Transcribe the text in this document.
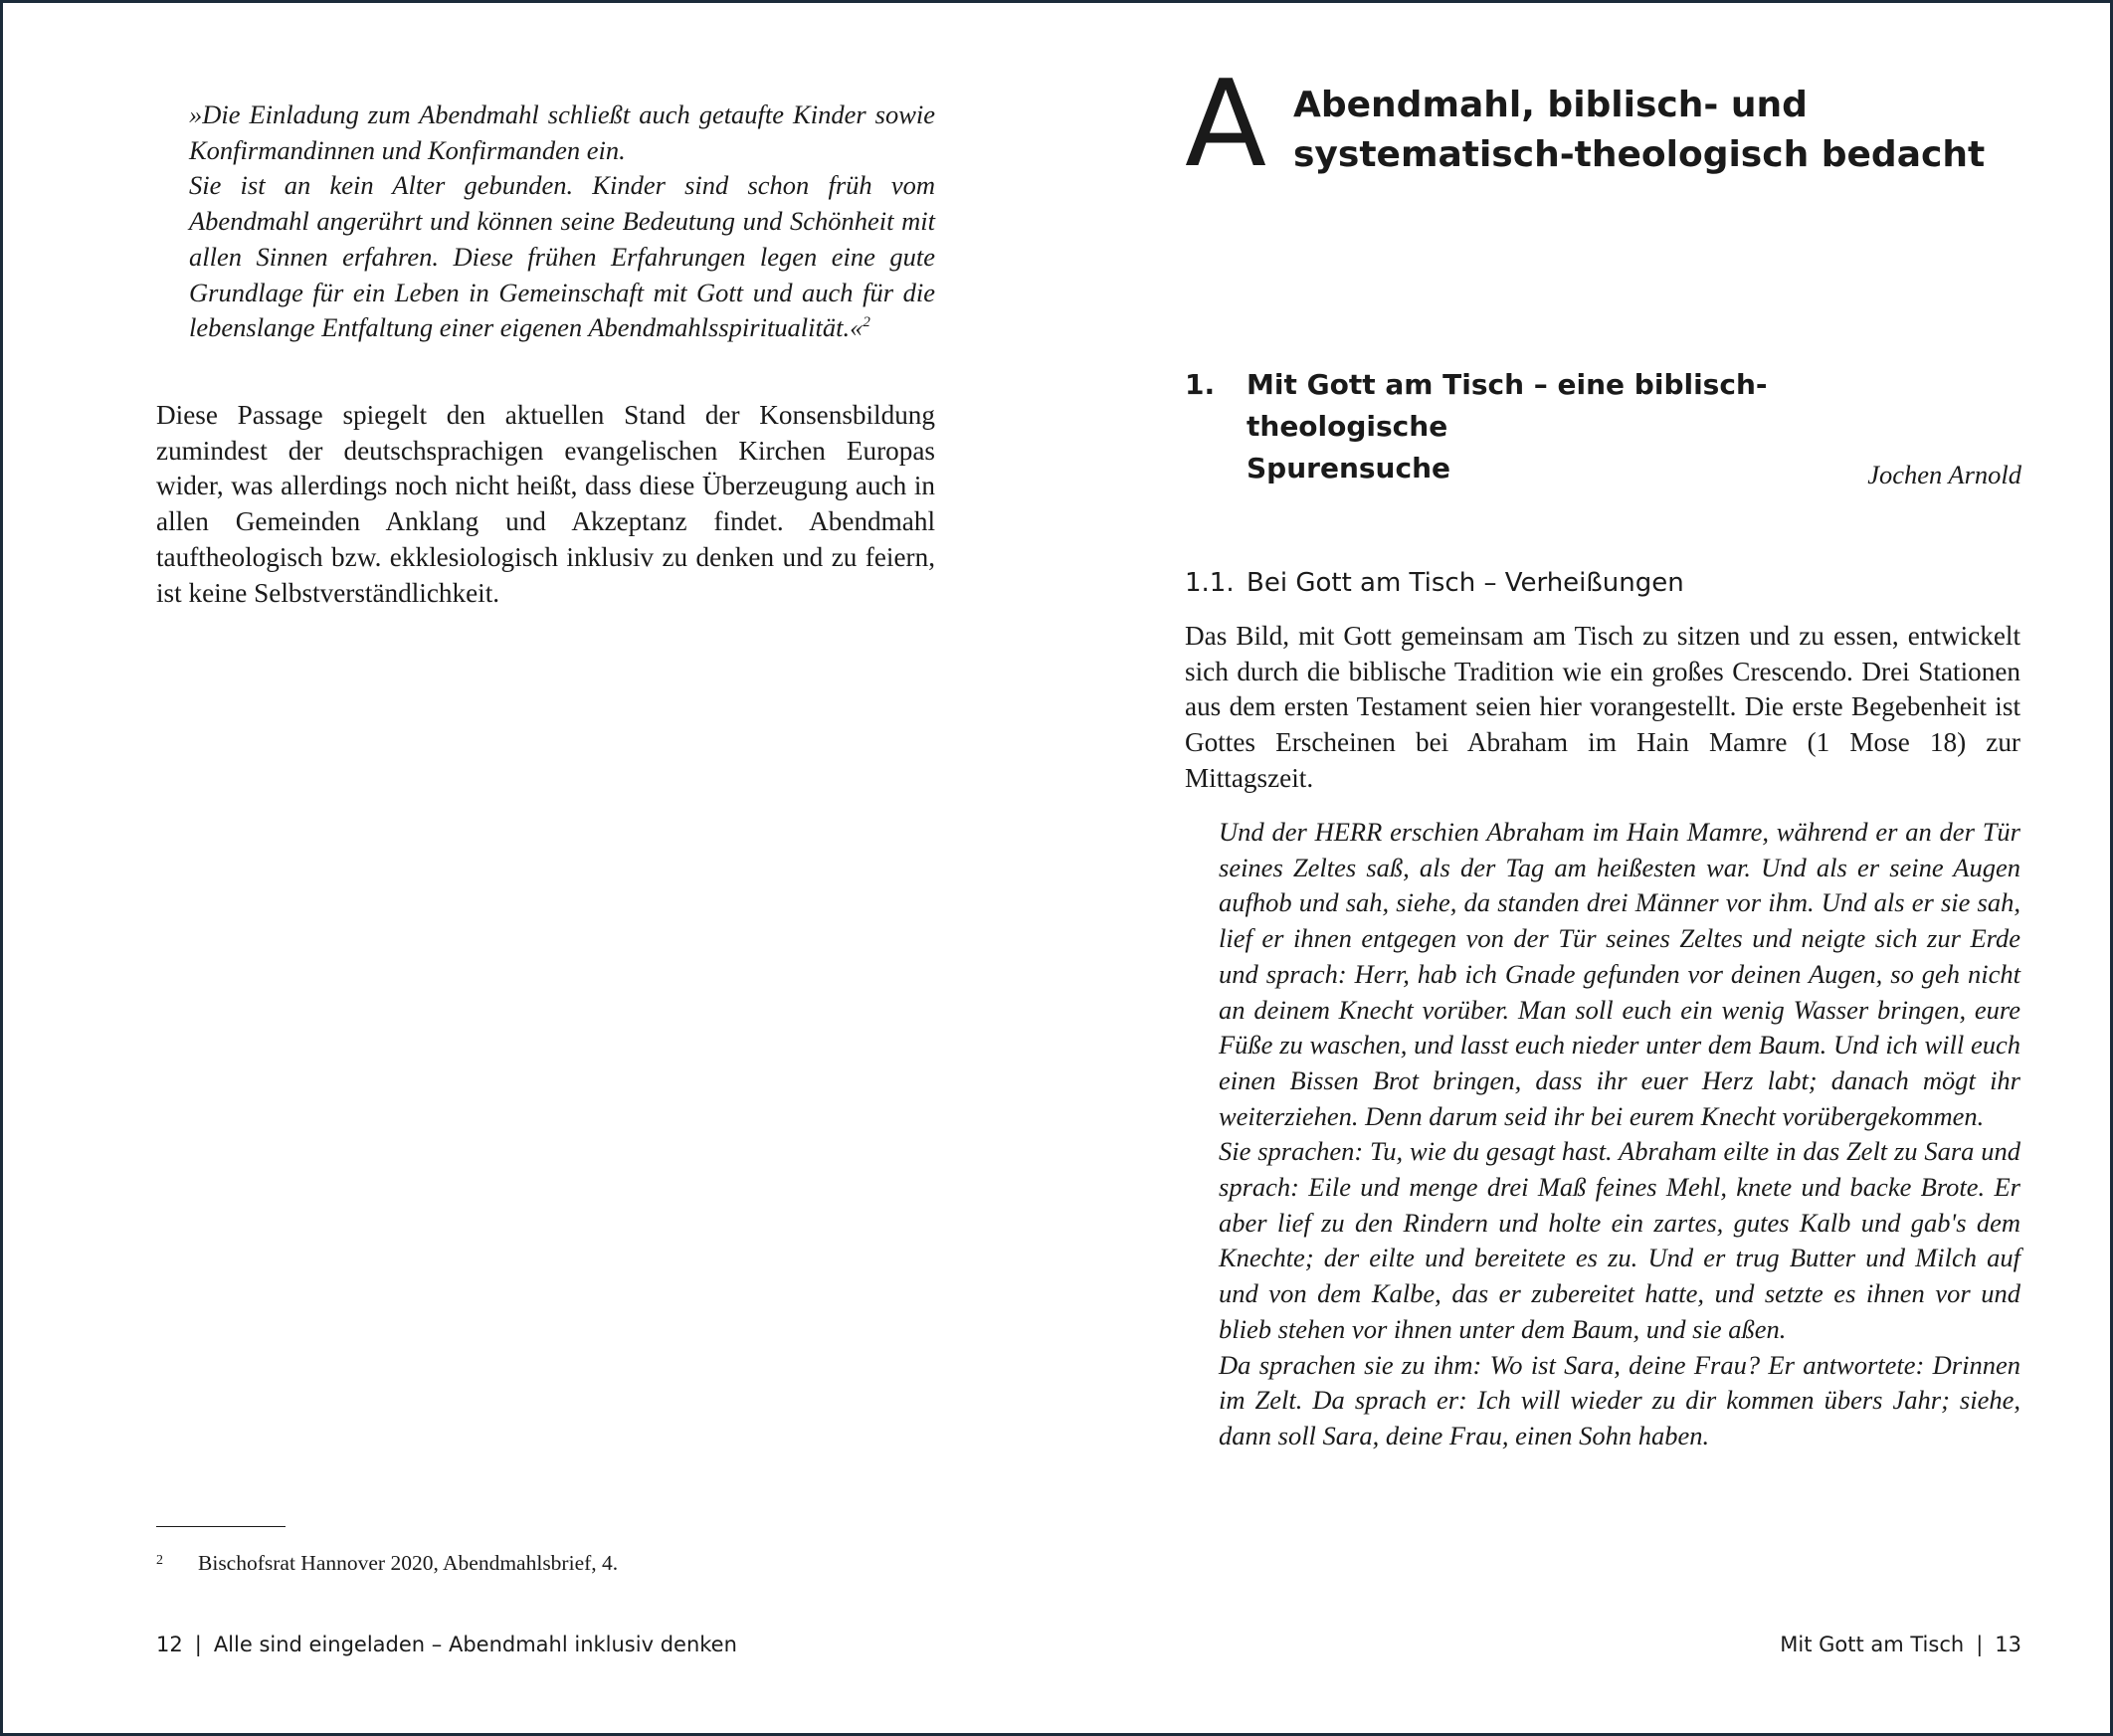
»Die Einladung zum Abendmahl schließt auch getaufte Kinder sowie Konfirmandinnen und Konfirmanden ein.

Sie ist an kein Alter gebunden. Kinder sind schon früh vom Abendmahl angerührt und können seine Bedeutung und Schönheit mit allen Sinnen erfahren. Diese frühen Erfahrungen legen eine gute Grundlage für ein Leben in Gemeinschaft mit Gott und auch für die lebenslange Entfaltung einer eigenen Abendmahlsspiritualität.«$^2$

Diese Passage spiegelt den aktuellen Stand der Konsensbildung zumindest der deutschsprachigen evangelischen Kirchen Europas wider, was allerdings noch nicht heißt, dass diese Überzeugung auch in allen Gemeinden Anklang und Akzeptanz findet. Abendmahl tauftheologisch bzw. ekklesiologisch inklusiv zu denken und zu feiern, ist keine Selbstverständlichkeit.

2 Bischofsrat Hannover 2020, Abendmahlsbrief, 4.
12 | Alle sind eingeladen – Abendmahl inklusiv denken
A Abendmahl, biblisch- und
systematisch-theologisch bedacht
1. Mit Gott am Tisch – eine biblisch-theologische
Spurensuche	Jochen Arnold
1.1. Bei Gott am Tisch – Verheißungen

Das Bild, mit Gott gemeinsam am Tisch zu sitzen und zu essen, entwickelt sich durch die biblische Tradition wie ein großes Crescendo. Drei Stationen aus dem ersten Testament seien hier vorangestellt. Die erste Begebenheit ist Gottes Erscheinen bei Abraham im Hain Mamre (1 Mose 18) zur Mittagszeit.

Und der HERR erschien Abraham im Hain Mamre, während er an der Tür seines Zeltes saß, als der Tag am heißesten war. Und als er seine Augen aufhob und sah, siehe, da standen drei Männer vor ihm. Und als er sie sah, lief er ihnen entgegen von der Tür seines Zeltes und neigte sich zur Erde und sprach: Herr, hab ich Gnade gefunden vor deinen Augen, so geh nicht an deinem Knecht vorüber. Man soll euch ein wenig Wasser bringen, eure Füße zu waschen, und lasst euch nieder unter dem Baum. Und ich will euch einen Bissen Brot bringen, dass ihr euer Herz labt; danach mögt ihr weiterziehen. Denn darum seid ihr bei eurem Knecht vorübergekommen.

Sie sprachen: Tu, wie du gesagt hast. Abraham eilte in das Zelt zu Sara und sprach: Eile und menge drei Maß feines Mehl, knete und backe Brote. Er aber lief zu den Rindern und holte ein zartes, gutes Kalb und gab's dem Knechte; der eilte und bereitete es zu. Und er trug Butter und Milch auf und von dem Kalbe, das er zubereitet hatte, und setzte es ihnen vor und blieb stehen vor ihnen unter dem Baum, und sie aßen.

Da sprachen sie zu ihm: Wo ist Sara, deine Frau? Er antwortete: Drinnen im Zelt. Da sprach er: Ich will wieder zu dir kommen übers Jahr; siehe, dann soll Sara, deine Frau, einen Sohn haben.

Mit Gott am Tisch | 13
